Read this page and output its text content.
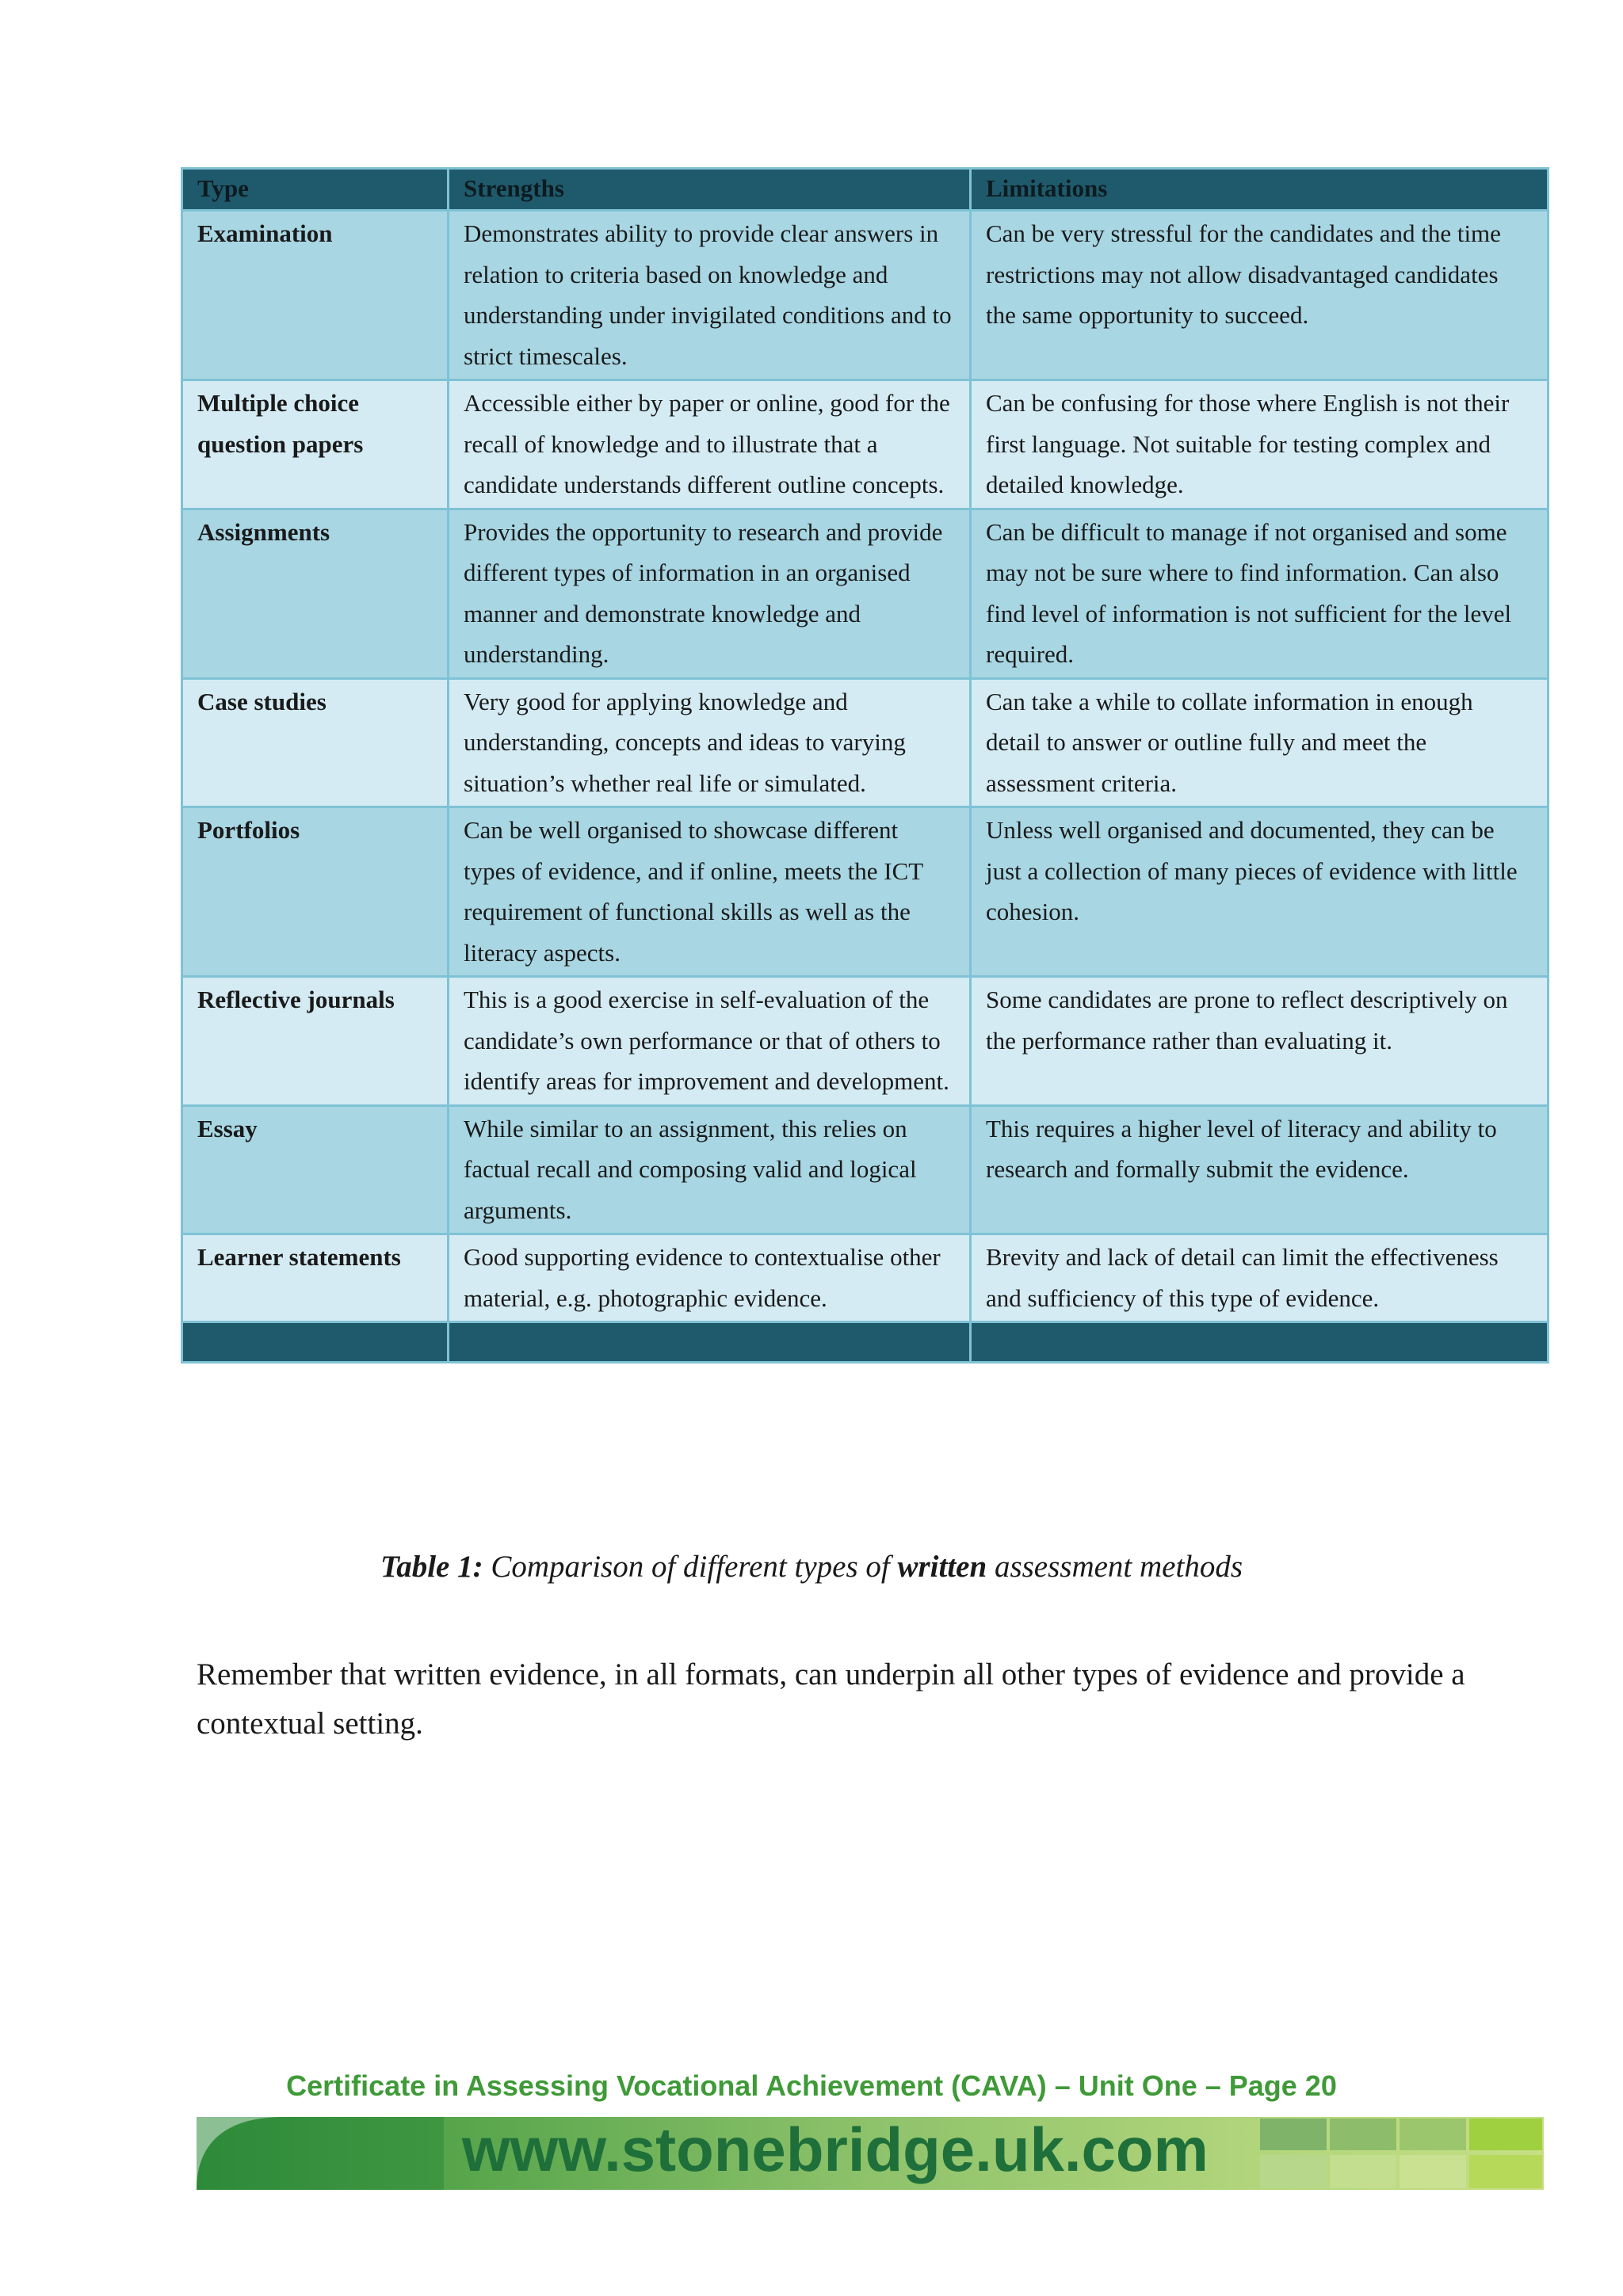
Type	Strengths	Limitations
Examination	Demonstrates ability to provide clear answers in relation to criteria based on knowledge and understanding under invigilated conditions and to strict timescales.	Can be very stressful for the candidates and the time restrictions may not allow disadvantaged candidates the same opportunity to succeed.
Multiple choice question papers	Accessible either by paper or online, good for the recall of knowledge and to illustrate that a candidate understands different outline concepts.	Can be confusing for those where English is not their first language. Not suitable for testing complex and detailed knowledge.
Assignments	Provides the opportunity to research and provide different types of information in an organised manner and demonstrate knowledge and understanding.	Can be difficult to manage if not organised and some may not be sure where to find information. Can also find level of information is not sufficient for the level required.
Case studies	Very good for applying knowledge and understanding, concepts and ideas to varying situation’s whether real life or simulated.	Can take a while to collate information in enough detail to answer or outline fully and meet the assessment criteria.
Portfolios	Can be well organised to showcase different types of evidence, and if online, meets the ICT requirement of functional skills as well as the literacy aspects.	Unless well organised and documented, they can be just a collection of many pieces of evidence with little cohesion.
Reflective journals	This is a good exercise in self-evaluation of the candidate’s own performance or that of others to identify areas for improvement and development.	Some candidates are prone to reflect descriptively on the performance rather than evaluating it.
Essay	While similar to an assignment, this relies on factual recall and composing valid and logical arguments.	This requires a higher level of literacy and ability to research and formally submit the evidence.
Learner statements	Good supporting evidence to contextualise other material, e.g. photographic evidence.	Brevity and lack of detail can limit the effectiveness and sufficiency of this type of evidence.

Table 1: Comparison of different types of written assessment methods
Remember that written evidence, in all formats, can underpin all other types of evidence and provide a contextual setting.
Certificate in Assessing Vocational Achievement (CAVA) – Unit One – Page 20
www.stonebridge.uk.com
